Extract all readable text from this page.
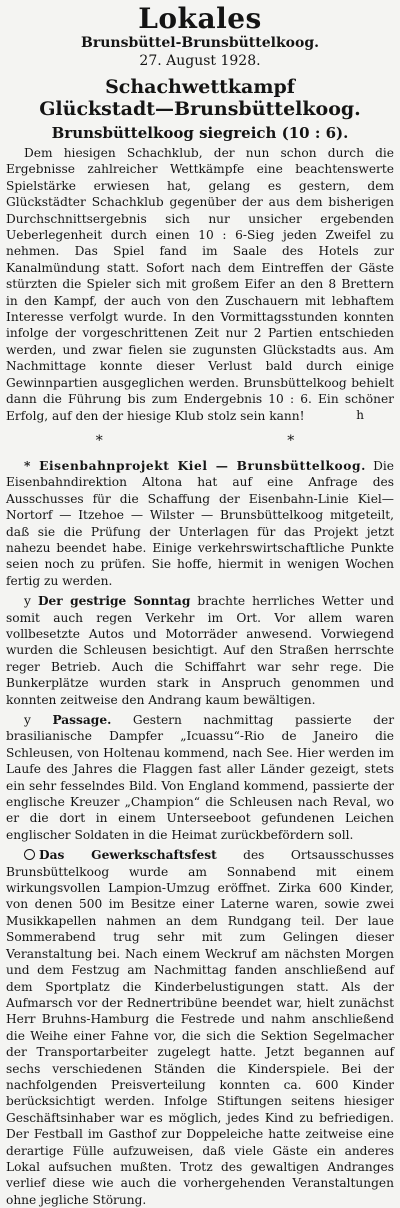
Lokales
Brunsbüttel-Brunsbüttelkoog.
27. August 1928.
Schachwettkampf
Glückstadt—Brunsbüttelkoog.
Brunsbüttelkoog siegreich (10 : 6).

Dem hiesigen Schachklub, der nun schon durch die Ergebnisse zahlreicher Wettkämpfe eine beachtenswerte Spielstärke erwiesen hat, gelang es gestern, dem Glückstädter Schachklub gegenüber der aus dem bisherigen Durchschnittsergebnis sich nur unsicher ergebenden Ueberlegenheit durch einen 10 : 6-Sieg jeden Zweifel zu nehmen. Das Spiel fand im Saale des Hotels zur Kanalmündung statt. Sofort nach dem Eintreffen der Gäste stürzten die Spieler sich mit großem Eifer an den 8 Brettern in den Kampf, der auch von den Zuschauern mit lebhaftem Interesse verfolgt wurde. In den Vormittagsstunden konnten infolge der vorgeschrittenen Zeit nur 2 Partien entschieden werden, und zwar fielen sie zugunsten Glückstadts aus. Am Nachmittage konnte dieser Verlust bald durch einige Gewinnpartien ausgeglichen werden. Brunsbüttelkoog behielt dann die Führung bis zum Endergebnis 10 : 6. Ein schöner Erfolg, auf den der hiesige Klub stolz sein kann!	h
* *

* Eisenbahnprojekt Kiel — Brunsbüttelkoog. Die Eisenbahndirektion Altona hat auf eine Anfrage des Ausschusses für die Schaffung der Eisenbahn-Linie Kiel—Nortorf — Itzehoe — Wilster — Brunsbüttelkoog mitgeteilt, daß sie die Prüfung der Unterlagen für das Projekt jetzt nahezu beendet habe. Einige verkehrswirtschaftliche Punkte seien noch zu prüfen. Sie hoffe, hiermit in wenigen Wochen fertig zu werden.

y Der gestrige Sonntag brachte herrliches Wetter und somit auch regen Verkehr im Ort. Vor allem waren vollbesetzte Autos und Motorräder anwesend. Vorwiegend wurden die Schleusen besichtigt. Auf den Straßen herrschte reger Betrieb. Auch die Schiffahrt war sehr rege. Die Bunkerplätze wurden stark in Anspruch genommen und konnten zeitweise den Andrang kaum bewältigen.

y Passage. Gestern nachmittag passierte der brasilianische Dampfer „Icuassu“-Rio de Janeiro die Schleusen, von Holtenau kommend, nach See. Hier werden im Laufe des Jahres die Flaggen fast aller Länder gezeigt, stets ein sehr fesselndes Bild. Von England kommend, passierte der englische Kreuzer „Champion“ die Schleusen nach Reval, wo er die dort in einem Unterseeboot gefundenen Leichen englischer Soldaten in die Heimat zurückbefördern soll.

Das Gewerkschaftsfest des Ortsausschusses Brunsbüttelkoog wurde am Sonnabend mit einem wirkungsvollen Lampion-Umzug eröffnet. Zirka 600 Kinder, von denen 500 im Besitze einer Laterne waren, sowie zwei Musikkapellen nahmen an dem Rundgang teil. Der laue Sommerabend trug sehr mit zum Gelingen dieser Veranstaltung bei. Nach einem Weckruf am nächsten Morgen und dem Festzug am Nachmittag fanden anschließend auf dem Sportplatz die Kinderbelustigungen statt. Als der Aufmarsch vor der Rednertribüne beendet war, hielt zunächst Herr Bruhns-Hamburg die Festrede und nahm anschließend die Weihe einer Fahne vor, die sich die Sektion Segelmacher der Transportarbeiter zugelegt hatte. Jetzt begannen auf sechs verschiedenen Ständen die Kinderspiele. Bei der nachfolgenden Preisverteilung konnten ca. 600 Kinder berücksichtigt werden. Infolge Stiftungen seitens hiesiger Geschäftsinhaber war es möglich, jedes Kind zu befriedigen. Der Festball im Gasthof zur Doppeleiche hatte zeitweise eine derartige Fülle aufzuweisen, daß viele Gäste ein anderes Lokal aufsuchen mußten. Trotz des gewaltigen Andranges verlief diese wie auch die vorhergehenden Veranstaltungen ohne jegliche Störung.
